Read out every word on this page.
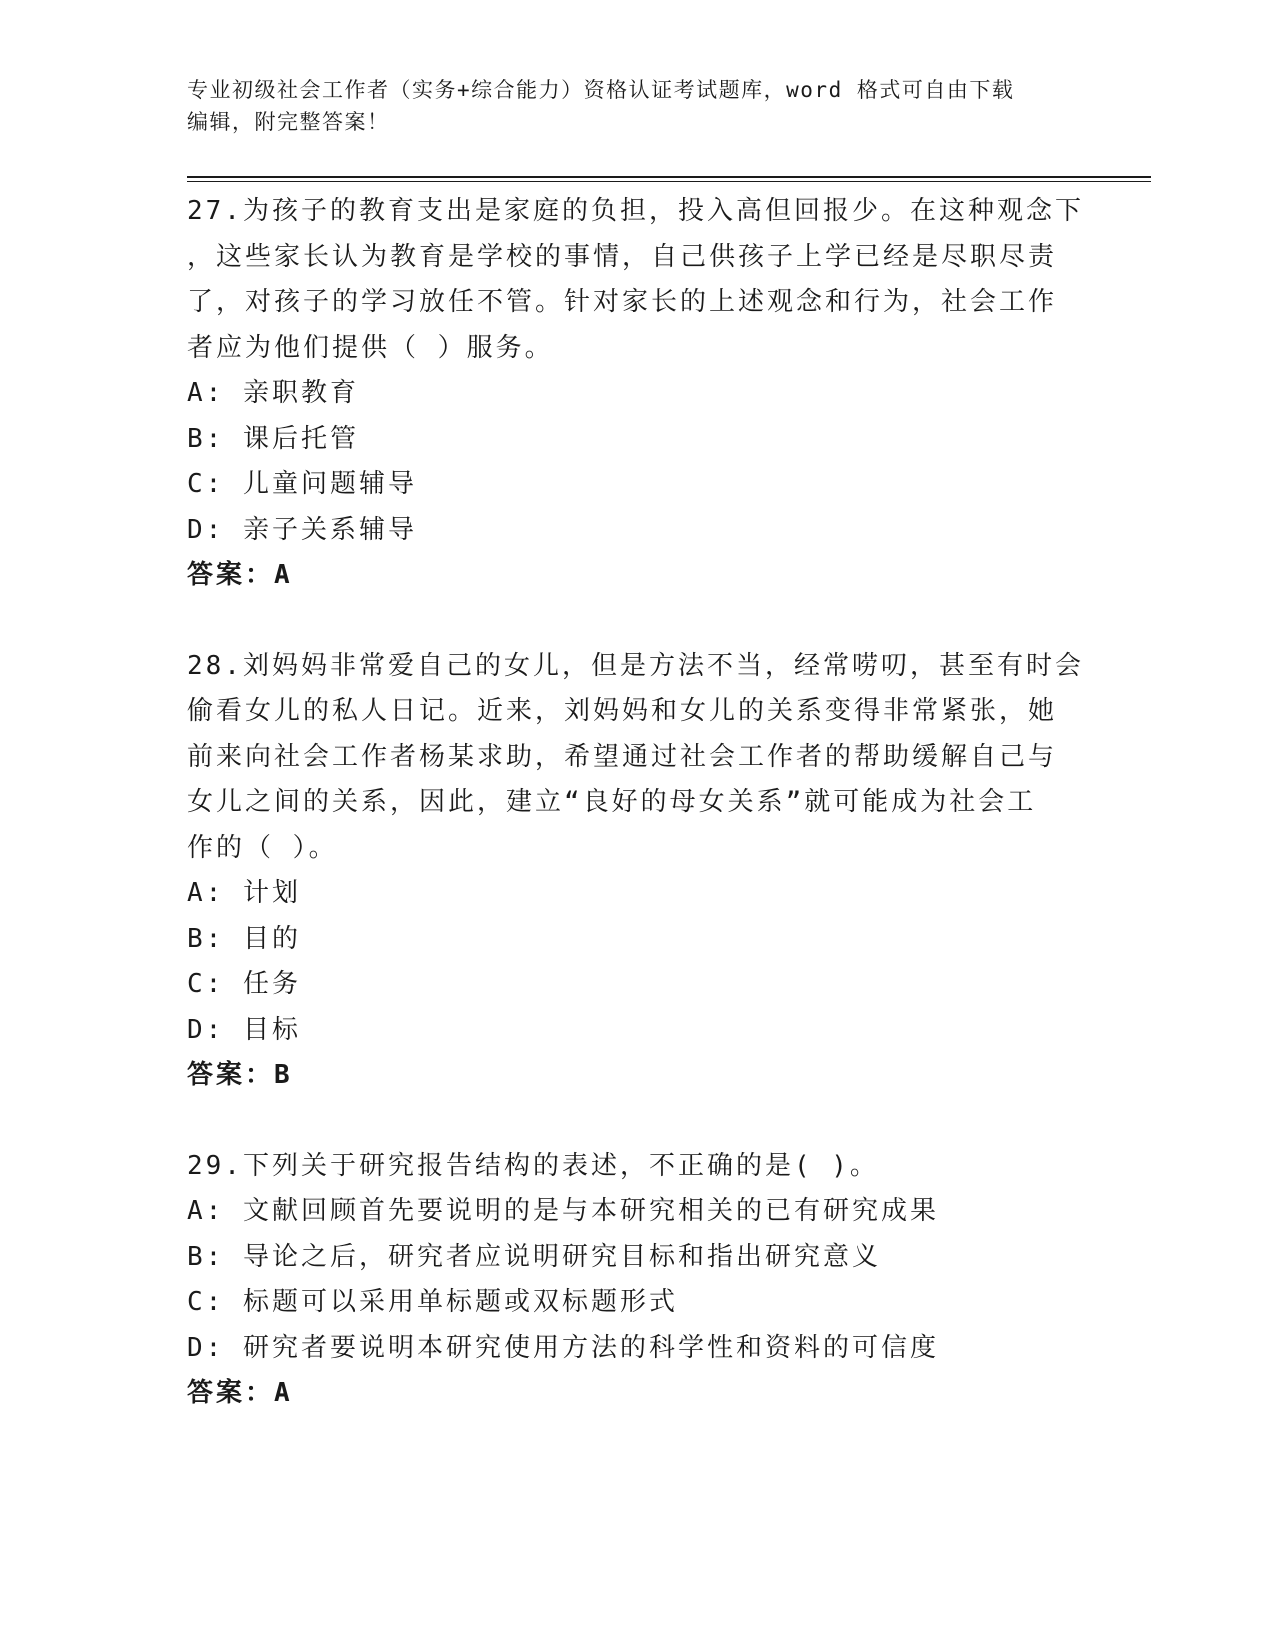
专业初级社会工作者（实务+综合能力）资格认证考试题库，word 格式可自由下载
编辑，附完整答案！
27.为孩子的教育支出是家庭的负担，投入高但回报少。在这种观念下
，这些家长认为教育是学校的事情，自己供孩子上学已经是尽职尽责
了，对孩子的学习放任不管。针对家长的上述观念和行为，社会工作
者应为他们提供（ ）服务。
A: 亲职教育
B: 课后托管
C: 儿童问题辅导
D: 亲子关系辅导
答案：A
28.刘妈妈非常爱自己的女儿，但是方法不当，经常唠叨，甚至有时会
偷看女儿的私人日记。近来，刘妈妈和女儿的关系变得非常紧张，她
前来向社会工作者杨某求助，希望通过社会工作者的帮助缓解自己与
女儿之间的关系，因此，建立“良好的母女关系”就可能成为社会工
作的（ ）。
A: 计划
B: 目的
C: 任务
D: 目标
答案：B
29.下列关于研究报告结构的表述，不正确的是( )。
A: 文献回顾首先要说明的是与本研究相关的已有研究成果
B: 导论之后，研究者应说明研究目标和指出研究意义
C: 标题可以采用单标题或双标题形式
D: 研究者要说明本研究使用方法的科学性和资料的可信度
答案：A
